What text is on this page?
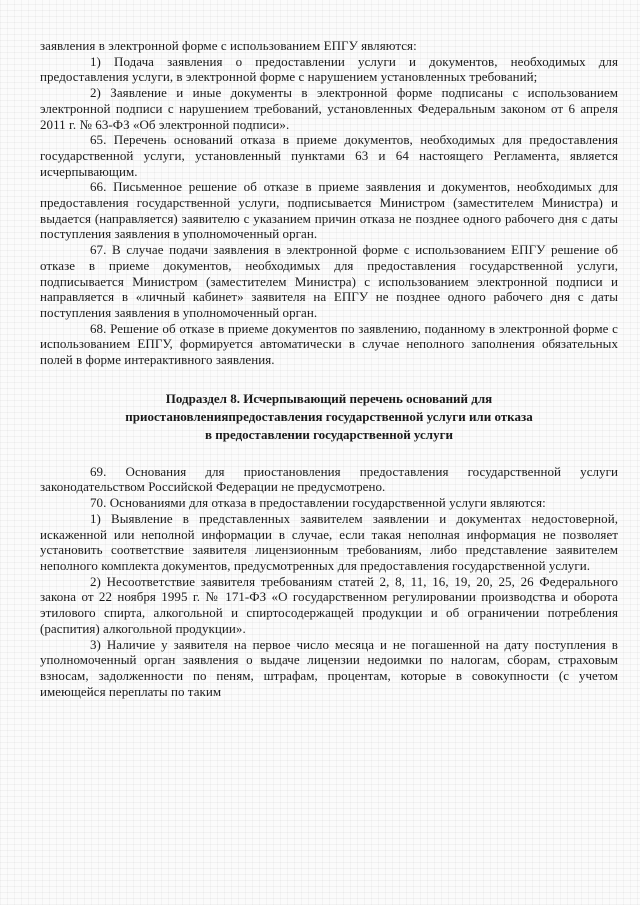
заявления в электронной форме с использованием ЕПГУ являются:

1) Подача заявления о предоставлении услуги и документов, необходимых для предоставления услуги, в электронной форме с нарушением установленных требований;

2) Заявление и иные документы в электронной форме подписаны с использованием электронной подписи с нарушением требований, установленных Федеральным законом от 6 апреля 2011 г. № 63-ФЗ «Об электронной подписи».

65. Перечень оснований отказа в приеме документов, необходимых для предоставления государственной услуги, установленный пунктами 63 и 64 настоящего Регламента, является исчерпывающим.

66. Письменное решение об отказе в приеме заявления и документов, необходимых для предоставления государственной услуги, подписывается Министром (заместителем Министра) и выдается (направляется) заявителю с указанием причин отказа не позднее одного рабочего дня с даты поступления заявления в уполномоченный орган.

67. В случае подачи заявления в электронной форме с использованием ЕПГУ решение об отказе в приеме документов, необходимых для предоставления государственной услуги, подписывается Министром (заместителем Министра) с использованием электронной подписи и направляется в «личный кабинет» заявителя на ЕПГУ не позднее одного рабочего дня с даты поступления заявления в уполномоченный орган.

68. Решение об отказе в приеме документов по заявлению, поданному в электронной форме с использованием ЕПГУ, формируется автоматически в случае неполного заполнения обязательных полей в форме интерактивного заявления.

Подраздел 8. Исчерпывающий перечень оснований для
приостановленияпредоставления государственной услуги или отказа
в предоставлении государственной услуги

69. Основания для приостановления предоставления государственной услуги законодательством Российской Федерации не предусмотрено.

70. Основаниями для отказа в предоставлении государственной услуги являются:

1) Выявление в представленных заявителем заявлении и документах недостоверной, искаженной или неполной информации в случае, если такая неполная информация не позволяет установить соответствие заявителя лицензионным требованиям, либо представление заявителем неполного комплекта документов, предусмотренных для предоставления государственной услуги.

2) Несоответствие заявителя требованиям статей 2, 8, 11, 16, 19, 20, 25, 26 Федерального закона от 22 ноября 1995 г. № 171-ФЗ «О государственном регулировании производства и оборота этилового спирта, алкогольной и спиртосодержащей продукции и об ограничении потребления (распития) алкогольной продукции».

3) Наличие у заявителя на первое число месяца и не погашенной на дату поступления в уполномоченный орган заявления о выдаче лицензии недоимки по налогам, сборам, страховым взносам, задолженности по пеням, штрафам, процентам, которые в совокупности (с учетом имеющейся переплаты по таким
